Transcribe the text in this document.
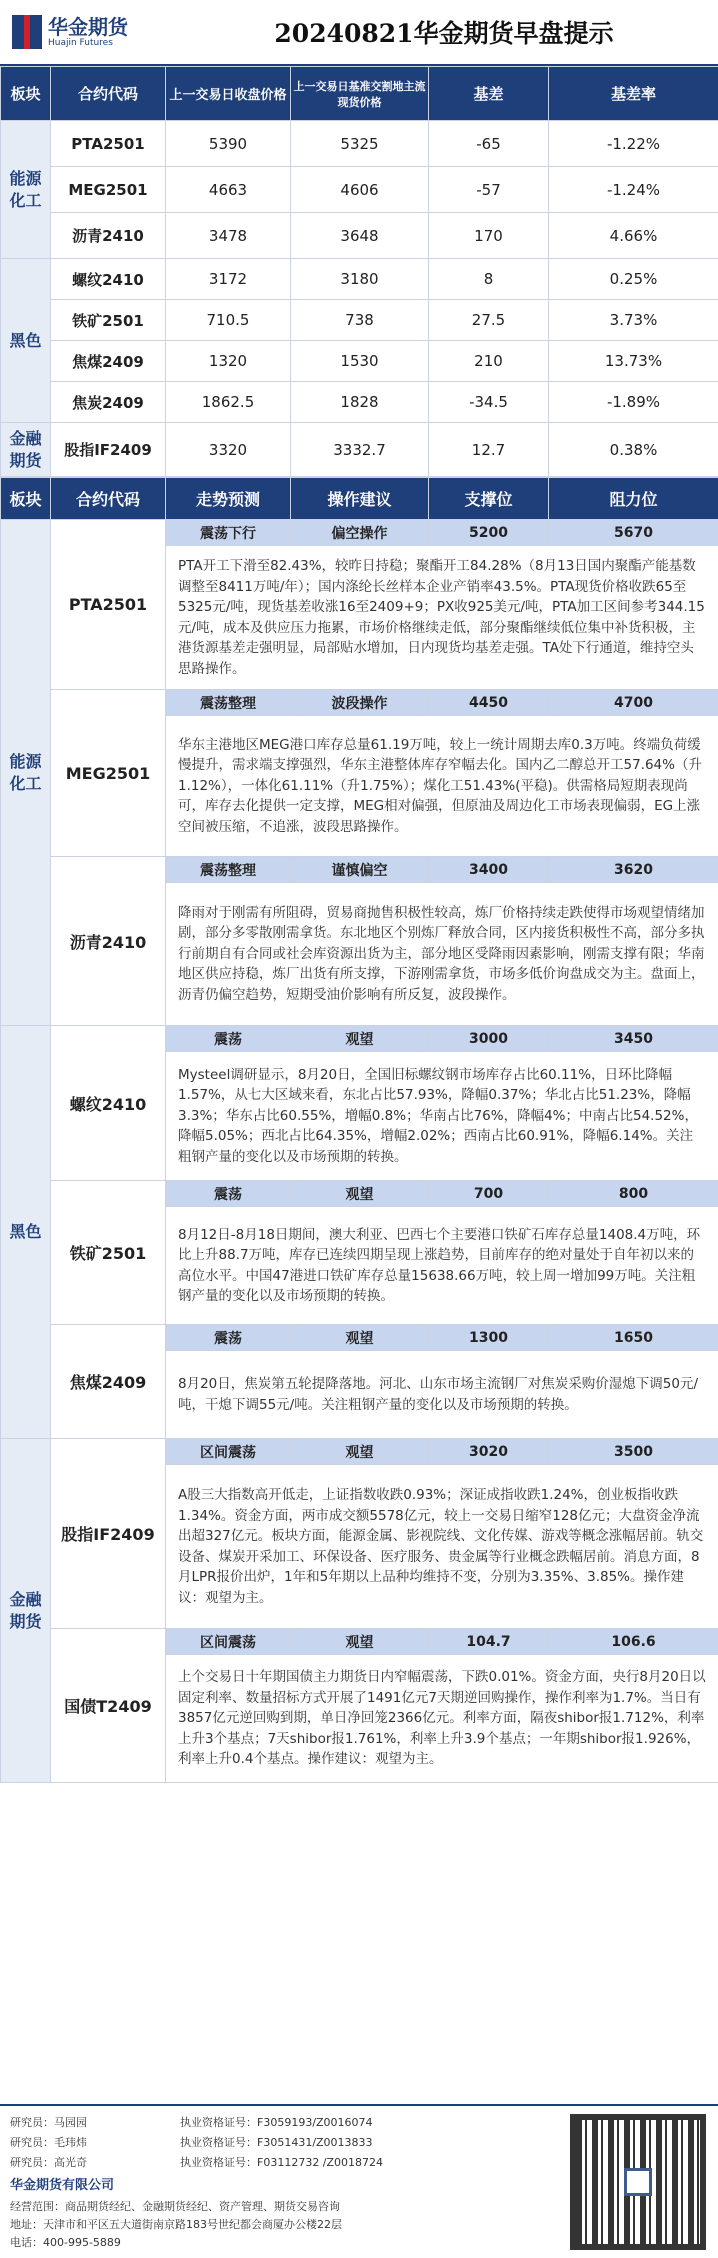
华金期货
Huajin Futures	20240821华金期货早盘提示
板块	合约代码	上一交易日收盘价格	上一交易日基准交割地主流现货价格	基差	基差率

能源
化工	PTA2501	5390	5325	-65	-1.22%
	MEG2501	4663	4606	-57	-1.24%
	沥青2410	3478	3648	170	4.66%

黑色	螺纹2410	3172	3180	8	0.25%
	铁矿2501	710.5	738	27.5	3.73%
	焦煤2409	1320	1530	210	13.73%
	焦炭2409	1862.5	1828	-34.5	-1.89%

金融
期货	股指IF2409	3320	3332.7	12.7	0.38%
板块	合约代码	走势预测	操作建议	支撑位	阻力位

能源
化工	PTA2501	震荡下行	偏空操作	5200	5670
		PTA开工下滑至82.43%，较昨日持稳；聚酯开工84.28%（8月13日国内聚酯产能基数调整至8411万吨/年）；国内涤纶长丝样本企业产销率43.5%。PTA现货价格收跌65至5325元/吨，现货基差收涨16至2409+9；PX收925美元/吨，PTA加工区间参考344.15元/吨，成本及供应压力拖累，市场价格继续走低，部分聚酯继续低位集中补货积极，主港货源基差走强明显，局部贴水增加，日内现货均基差走强。TA处下行通道，维持空头思路操作。			
	MEG2501	震荡整理	波段操作	4450	4700
		华东主港地区MEG港口库存总量61.19万吨，较上一统计周期去库0.3万吨。终端负荷缓慢提升，需求端支撑强烈，华东主港整体库存窄幅去化。国内乙二醇总开工57.64%（升1.12%），一体化61.11%（升1.75%）；煤化工51.43%(平稳)。供需格局短期表现尚可，库存去化提供一定支撑，MEG相对偏强，但原油及周边化工市场表现偏弱，EG上涨空间被压缩，不追涨，波段思路操作。			
	沥青2410	震荡整理	谨慎偏空	3400	3620
		降雨对于刚需有所阻碍，贸易商抛售积极性较高，炼厂价格持续走跌使得市场观望情绪加剧，部分多零散刚需拿货。东北地区个别炼厂释放合同，区内接货积极性不高，部分多执行前期自有合同或社会库资源出货为主，部分地区受降雨因素影响，刚需支撑有限；华南地区供应持稳，炼厂出货有所支撑，下游刚需拿货，市场多低价询盘成交为主。盘面上，沥青仍偏空趋势，短期受油价影响有所反复，波段操作。			

黑色	螺纹2410	震荡	观望	3000	3450
		Mysteel调研显示，8月20日，全国旧标螺纹钢市场库存占比60.11%，日环比降幅1.57%，从七大区域来看，东北占比57.93%，降幅0.37%；华北占比51.23%，降幅3.3%；华东占比60.55%，增幅0.8%；华南占比76%，降幅4%；中南占比54.52%，降幅5.05%；西北占比64.35%，增幅2.02%；西南占比60.91%，降幅6.14%。关注粗钢产量的变化以及市场预期的转换。			
	铁矿2501	震荡	观望	700	800
		8月12日-8月18日期间，澳大利亚、巴西七个主要港口铁矿石库存总量1408.4万吨，环比上升88.7万吨，库存已连续四期呈现上涨趋势，目前库存的绝对量处于自年初以来的高位水平。中国47港进口铁矿库存总量15638.66万吨，较上周一增加99万吨。关注粗钢产量的变化以及市场预期的转换。			
	焦煤2409	震荡	观望	1300	1650
		8月20日，焦炭第五轮提降落地。河北、山东市场主流钢厂对焦炭采购价湿熄下调50元/吨，干熄下调55元/吨。关注粗钢产量的变化以及市场预期的转换。			

金融
期货	股指IF2409	区间震荡	观望	3020	3500
		A股三大指数高开低走，上证指数收跌0.93%；深证成指收跌1.24%，创业板指收跌1.34%。资金方面，两市成交额5578亿元，较上一交易日缩窄128亿元；大盘资金净流出超327亿元。板块方面，能源金属、影视院线、文化传媒、游戏等概念涨幅居前。轨交设备、煤炭开采加工、环保设备、医疗服务、贵金属等行业概念跌幅居前。消息方面，8月LPR报价出炉，1年和5年期以上品种均维持不变，分别为3.35%、3.85%。操作建议：观望为主。			
	国债T2409	区间震荡	观望	104.7	106.6
		上个交易日十年期国债主力期货日内窄幅震荡，下跌0.01%。资金方面，央行8月20日以固定利率、数量招标方式开展了1491亿元7天期逆回购操作，操作利率为1.7%。当日有3857亿元逆回购到期，单日净回笼2366亿元。利率方面，隔夜shibor报1.712%，利率上升3个基点；7天shibor报1.761%，利率上升3.9个基点；一年期shibor报1.926%，利率上升0.4个基点。操作建议：观望为主。			
研究员：马园园	执业资格证号：F3059193/Z0016074
研究员：毛玮炜	执业资格证号：F3051431/Z0013833
研究员：高光奇	执业资格证号：F03112732 /Z0018724
华金期货有限公司
经营范围：商品期货经纪、金融期货经纪、资产管理、期货交易咨询
地址：天津市和平区五大道街南京路183号世纪都会商厦办公楼22层
电话：400-995-5889
